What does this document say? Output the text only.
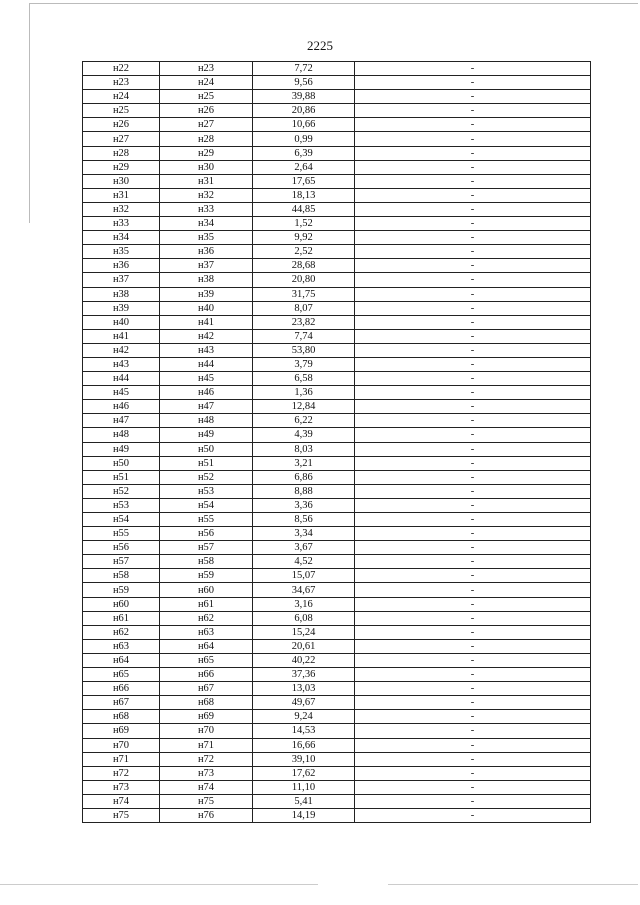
2225
н22	н23	7,72	-
н23	н24	9,56	-
н24	н25	39,88	-
н25	н26	20,86	-
н26	н27	10,66	-
н27	н28	0,99	-
н28	н29	6,39	-
н29	н30	2,64	-
н30	н31	17,65	-
н31	н32	18,13	-
н32	н33	44,85	-
н33	н34	1,52	-
н34	н35	9,92	-
н35	н36	2,52	-
н36	н37	28,68	-
н37	н38	20,80	-
н38	н39	31,75	-
н39	н40	8,07	-
н40	н41	23,82	-
н41	н42	7,74	-
н42	н43	53,80	-
н43	н44	3,79	-
н44	н45	6,58	-
н45	н46	1,36	-
н46	н47	12,84	-
н47	н48	6,22	-
н48	н49	4,39	-
н49	н50	8,03	-
н50	н51	3,21	-
н51	н52	6,86	-
н52	н53	8,88	-
н53	н54	3,36	-
н54	н55	8,56	-
н55	н56	3,34	-
н56	н57	3,67	-
н57	н58	4,52	-
н58	н59	15,07	-
н59	н60	34,67	-
н60	н61	3,16	-
н61	н62	6,08	-
н62	н63	15,24	-
н63	н64	20,61	-
н64	н65	40,22	-
н65	н66	37,36	-
н66	н67	13,03	-
н67	н68	49,67	-
н68	н69	9,24	-
н69	н70	14,53	-
н70	н71	16,66	-
н71	н72	39,10	-
н72	н73	17,62	-
н73	н74	11,10	-
н74	н75	5,41	-
н75	н76	14,19	-
